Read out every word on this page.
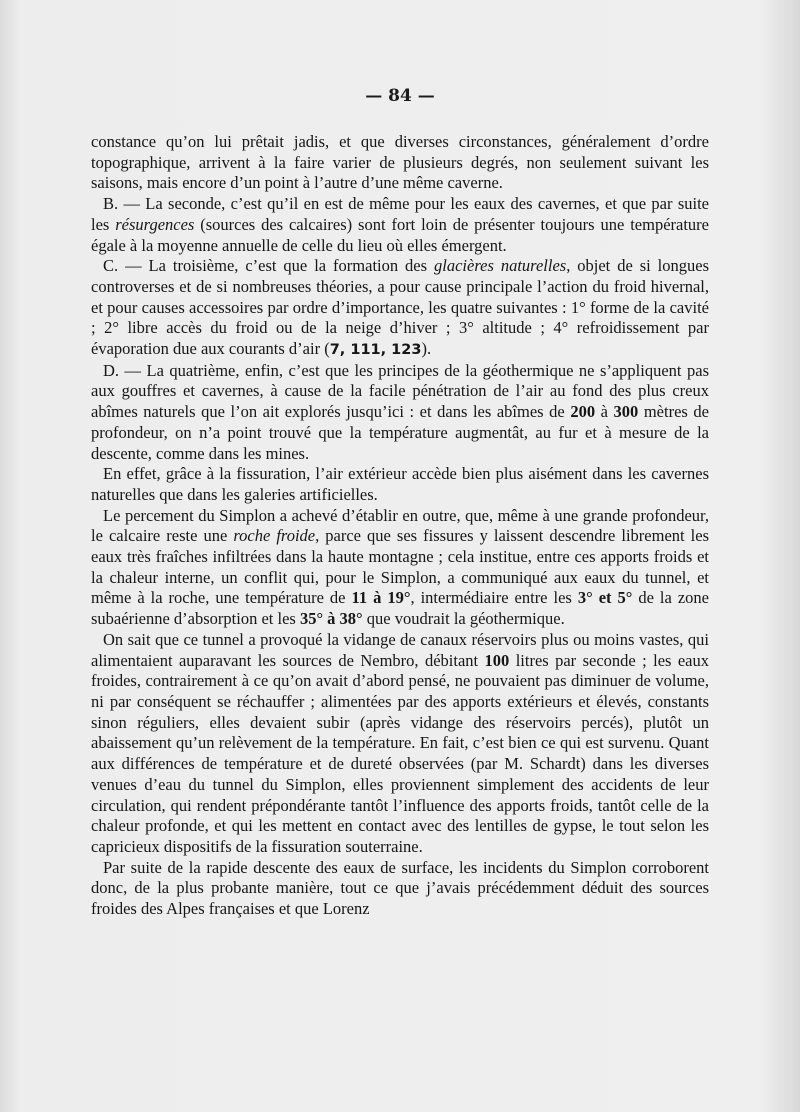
— 84 —

constance qu’on lui prêtait jadis, et que diverses circonstances, généralement d’ordre topographique, arrivent à la faire varier de plusieurs degrés, non seulement suivant les saisons, mais encore d’un point à l’autre d’une même caverne.

B. — La seconde, c’est qu’il en est de même pour les eaux des cavernes, et que par suite les résurgences (sources des calcaires) sont fort loin de présenter toujours une température égale à la moyenne annuelle de celle du lieu où elles émergent.

C. — La troisième, c’est que la formation des glacières naturelles, objet de si longues controverses et de si nombreuses théories, a pour cause principale l’action du froid hivernal, et pour causes accessoires par ordre d’importance, les quatre suivantes : 1° forme de la cavité ; 2° libre accès du froid ou de la neige d’hiver ; 3° altitude ; 4° refroidissement par évaporation due aux courants d’air (7, 111, 123).

D. — La quatrième, enfin, c’est que les principes de la géothermique ne s’appliquent pas aux gouffres et cavernes, à cause de la facile pénétration de l’air au fond des plus creux abîmes naturels que l’on ait explorés jusqu’ici : et dans les abîmes de 200 à 300 mètres de profondeur, on n’a point trouvé que la température augmentât, au fur et à mesure de la descente, comme dans les mines.

En effet, grâce à la fissuration, l’air extérieur accède bien plus aisément dans les cavernes naturelles que dans les galeries artificielles.

Le percement du Simplon a achevé d’établir en outre, que, même à une grande profondeur, le calcaire reste une roche froide, parce que ses fissures y laissent descendre librement les eaux très fraîches infiltrées dans la haute montagne ; cela institue, entre ces apports froids et la chaleur interne, un conflit qui, pour le Simplon, a communiqué aux eaux du tunnel, et même à la roche, une température de 11 à 19°, intermédiaire entre les 3° et 5° de la zone subaérienne d’absorption et les 35° à 38° que voudrait la géothermique.

On sait que ce tunnel a provoqué la vidange de canaux réservoirs plus ou moins vastes, qui alimentaient auparavant les sources de Nembro, débitant 100 litres par seconde ; les eaux froides, contrairement à ce qu’on avait d’abord pensé, ne pouvaient pas diminuer de volume, ni par conséquent se réchauffer ; alimentées par des apports extérieurs et élevés, constants sinon réguliers, elles devaient subir (après vidange des réservoirs percés), plutôt un abaissement qu’un relèvement de la température. En fait, c’est bien ce qui est survenu. Quant aux différences de température et de dureté observées (par M. Schardt) dans les diverses venues d’eau du tunnel du Simplon, elles proviennent simplement des accidents de leur circulation, qui rendent prépondérante tantôt l’influence des apports froids, tantôt celle de la chaleur profonde, et qui les mettent en contact avec des lentilles de gypse, le tout selon les capricieux dispositifs de la fissuration souterraine.

Par suite de la rapide descente des eaux de surface, les incidents du Simplon corroborent donc, de la plus probante manière, tout ce que j’avais précédemment déduit des sources froides des Alpes françaises et que Lorenz
